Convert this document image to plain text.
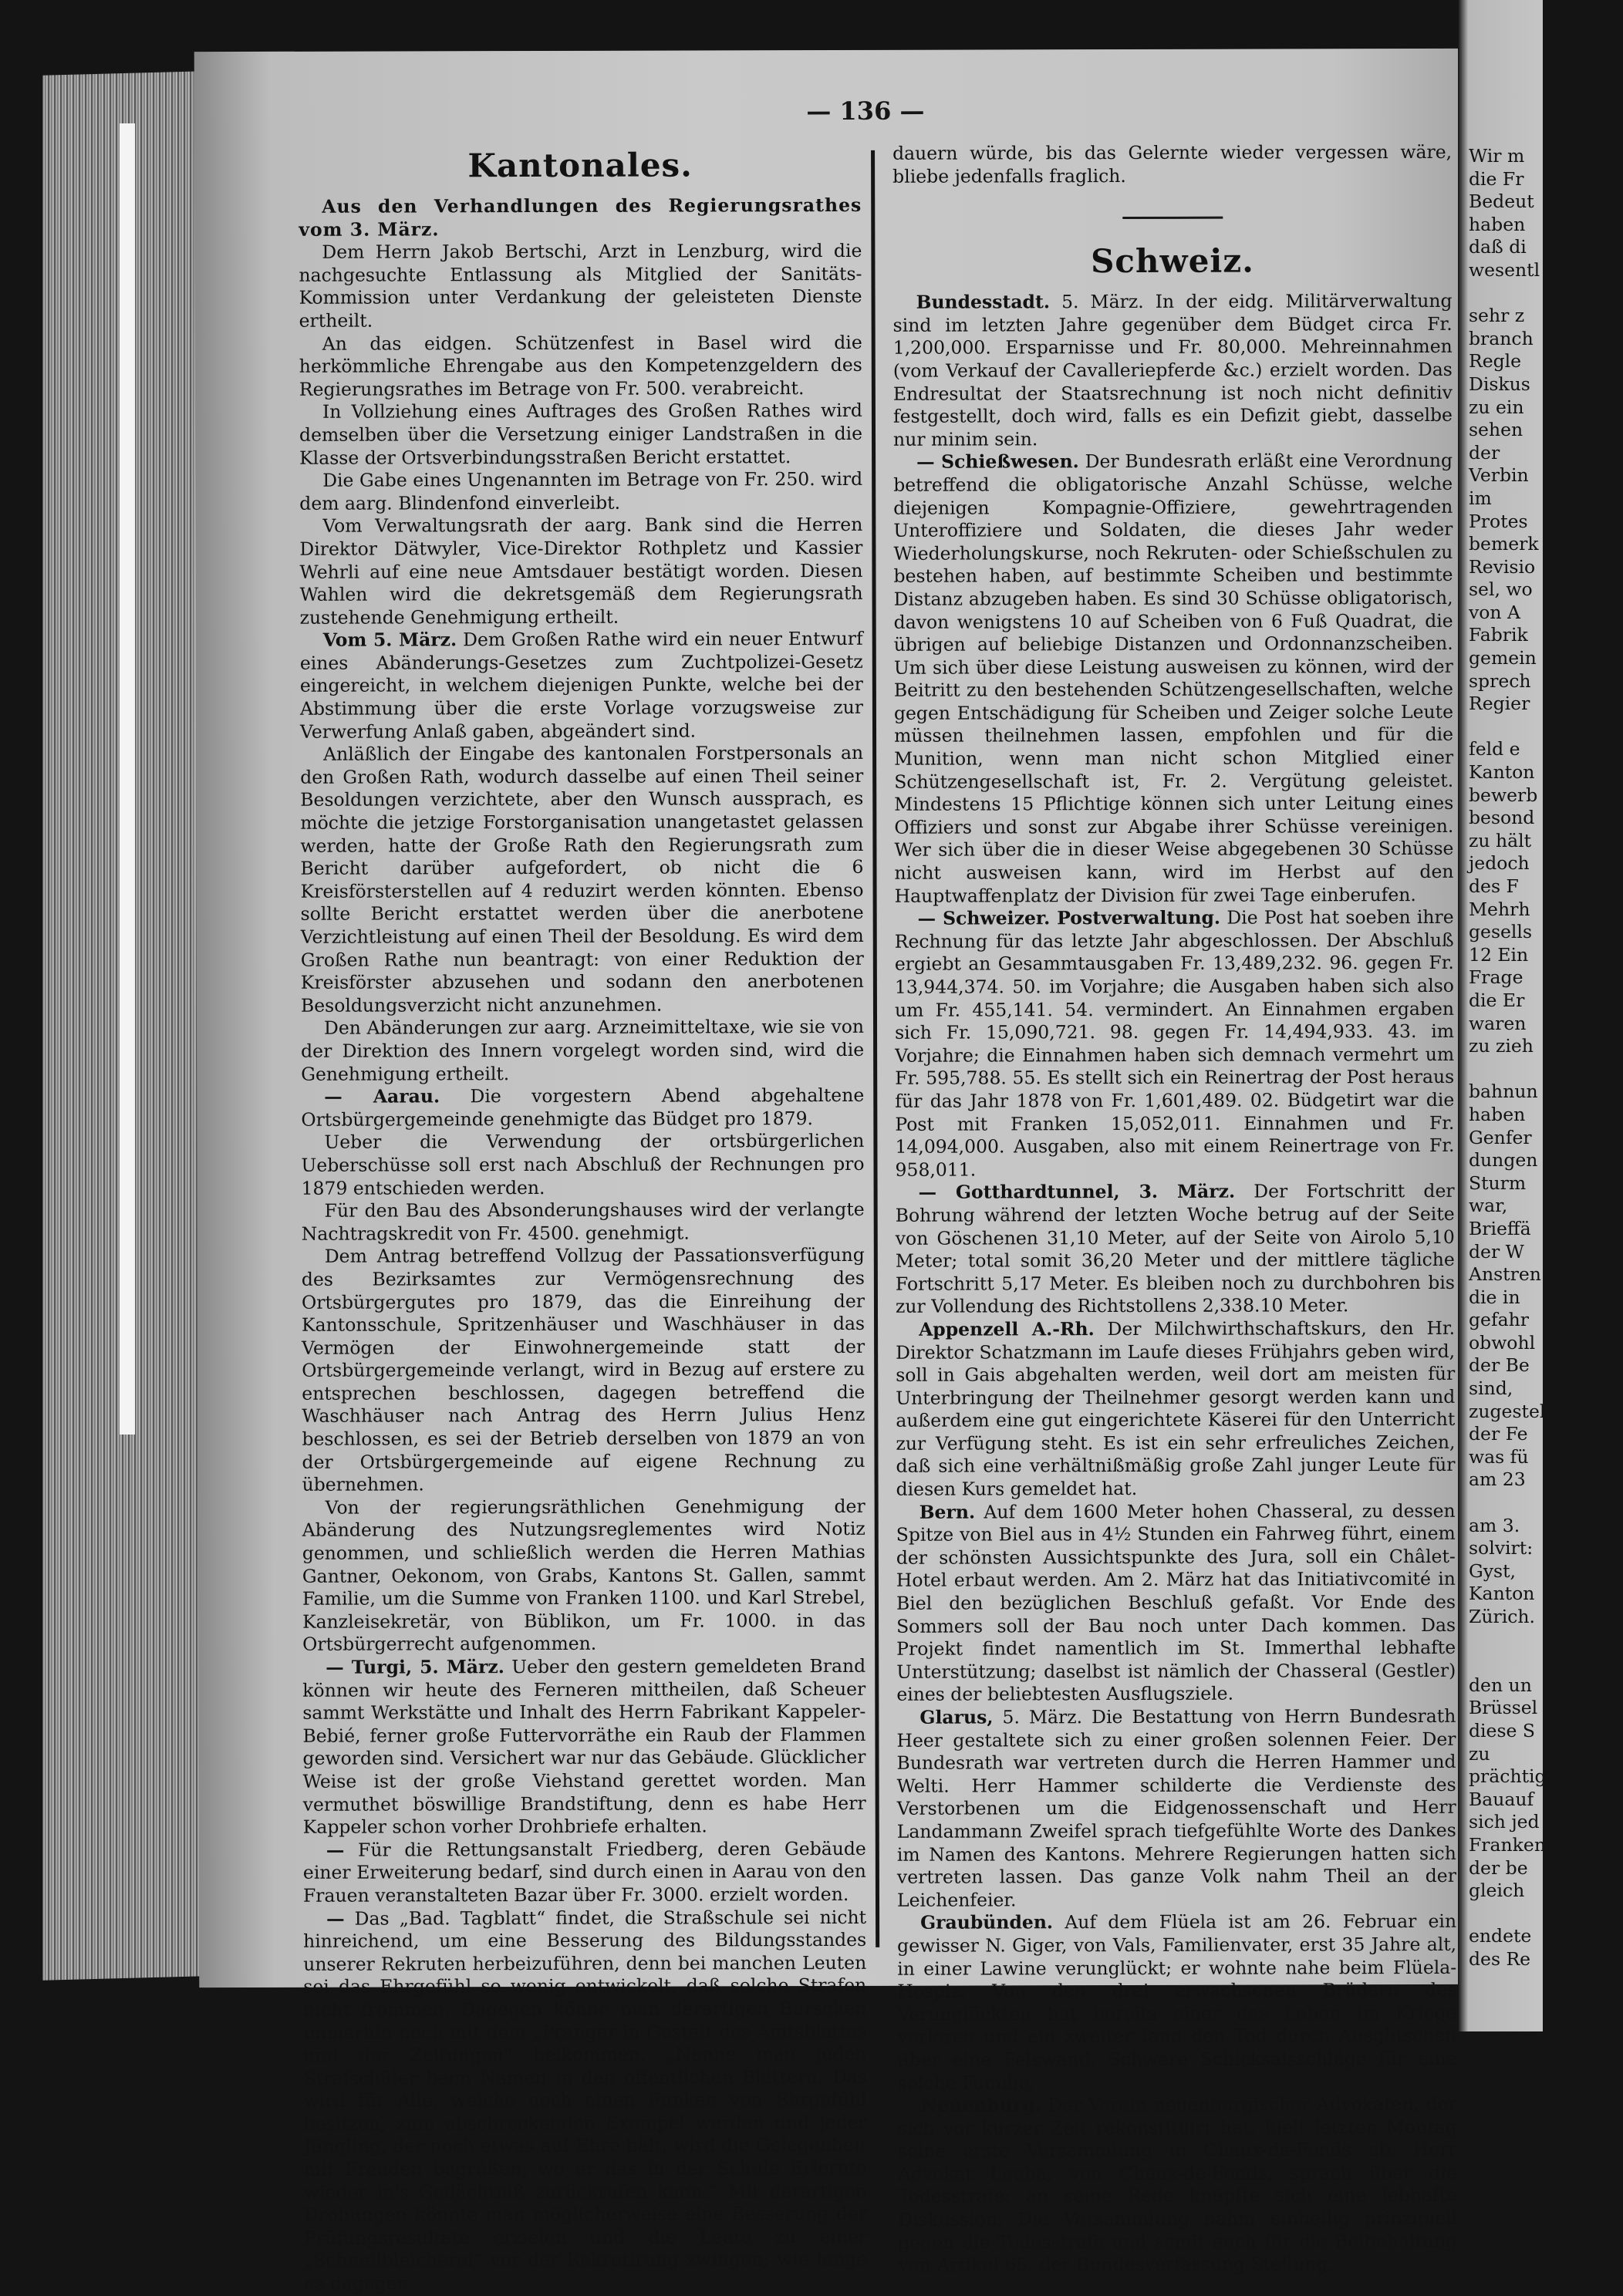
— 136 —
Kantonales.

Aus den Verhandlungen des Regierungsrathes vom 3. März.

Dem Herrn Jakob Bertschi, Arzt in Lenzburg, wird die nachgesuchte Entlassung als Mitglied der Sanitäts-Kommission unter Verdankung der geleisteten Dienste ertheilt.

An das eidgen. Schützenfest in Basel wird die herkömmliche Ehrengabe aus den Kompetenzgeldern des Regierungsrathes im Betrage von Fr. 500. verabreicht.

In Vollziehung eines Auftrages des Großen Rathes wird demselben über die Versetzung einiger Landstraßen in die Klasse der Ortsverbindungsstraßen Bericht erstattet.

Die Gabe eines Ungenannten im Betrage von Fr. 250. wird dem aarg. Blindenfond einverleibt.

Vom Verwaltungsrath der aarg. Bank sind die Herren Direktor Dätwyler, Vice-Direktor Rothpletz und Kassier Wehrli auf eine neue Amtsdauer bestätigt worden. Diesen Wahlen wird die dekretsgemäß dem Regierungsrath zustehende Genehmigung ertheilt.

Vom 5. März. Dem Großen Rathe wird ein neuer Entwurf eines Abänderungs-Gesetzes zum Zuchtpolizei-Gesetz eingereicht, in welchem diejenigen Punkte, welche bei der Abstimmung über die erste Vorlage vorzugsweise zur Verwerfung Anlaß gaben, abgeändert sind.

Anläßlich der Eingabe des kantonalen Forstpersonals an den Großen Rath, wodurch dasselbe auf einen Theil seiner Besoldungen verzichtete, aber den Wunsch aussprach, es möchte die jetzige Forstorganisation unangetastet gelassen werden, hatte der Große Rath den Regierungsrath zum Bericht darüber aufgefordert, ob nicht die 6 Kreisförsterstellen auf 4 reduzirt werden könnten. Ebenso sollte Bericht erstattet werden über die anerbotene Verzichtleistung auf einen Theil der Besoldung. Es wird dem Großen Rathe nun beantragt: von einer Reduktion der Kreisförster abzusehen und sodann den anerbotenen Besoldungsverzicht nicht anzunehmen.

Den Abänderungen zur aarg. Arzneimitteltaxe, wie sie von der Direktion des Innern vorgelegt worden sind, wird die Genehmigung ertheilt.

— Aarau. Die vorgestern Abend abgehaltene Ortsbürgergemeinde genehmigte das Büdget pro 1879.

Ueber die Verwendung der ortsbürgerlichen Ueberschüsse soll erst nach Abschluß der Rechnungen pro 1879 entschieden werden.

Für den Bau des Absonderungshauses wird der verlangte Nachtragskredit von Fr. 4500. genehmigt.

Dem Antrag betreffend Vollzug der Passationsverfügung des Bezirksamtes zur Vermögensrechnung des Ortsbürgergutes pro 1879, das die Einreihung der Kantonsschule, Spritzenhäuser und Waschhäuser in das Vermögen der Einwohnergemeinde statt der Ortsbürgergemeinde verlangt, wird in Bezug auf erstere zu entsprechen beschlossen, dagegen betreffend die Waschhäuser nach Antrag des Herrn Julius Henz beschlossen, es sei der Betrieb derselben von 1879 an von der Ortsbürgergemeinde auf eigene Rechnung zu übernehmen.

Von der regierungsräthlichen Genehmigung der Abänderung des Nutzungsreglementes wird Notiz genommen, und schließlich werden die Herren Mathias Gantner, Oekonom, von Grabs, Kantons St. Gallen, sammt Familie, um die Summe von Franken 1100. und Karl Strebel, Kanzleisekretär, von Büblikon, um Fr. 1000. in das Ortsbürgerrecht aufgenommen.

— Turgi, 5. März. Ueber den gestern gemeldeten Brand können wir heute des Ferneren mittheilen, daß Scheuer sammt Werkstätte und Inhalt des Herrn Fabrikant Kappeler-Bebié, ferner große Futtervorräthe ein Raub der Flammen geworden sind. Versichert war nur das Gebäude. Glücklicher Weise ist der große Viehstand gerettet worden. Man vermuthet böswillige Brandstiftung, denn es habe Herr Kappeler schon vorher Drohbriefe erhalten.

— Für die Rettungsanstalt Friedberg, deren Gebäude einer Erweiterung bedarf, sind durch einen in Aarau von den Frauen veranstalteten Bazar über Fr. 3000. erzielt worden.

— Das „Bad. Tagblatt“ findet, die Straßschule sei nicht hinreichend, um eine Besserung des Bildungsstandes unserer Rekruten herbeizuführen, denn bei manchen Leuten sei das Ehrgefühl so wenig entwickelt, daß solche Strafen nicht frommen. Dagegen könne man derartigen Burschen immerhin noch mit dem „Pranger in Gestalt des Amtsblattes und der Zeitungen“ beikommen. „Nenne man jeden Strafschüler beim Namen in den öffentlichen Blättern. Das wird für Alle, welche noch einen Funken von Ehrgefühl besitzen, zum abschreckenden Exempel werden und jeder Jüngling, der noch etwas auf Ehre hält, wird die Gelegenheit mit Freuden begrüßen, wo er das in der Schule Erlernte wieder in's Gedächtniß zurückrufen kann.“ Mit derartigen Drohungen könnte man möglicherweise eine Besserung der Prüfungsresultate erzielen und die Leute zu einer „Schnellbleicherei“ vor der Rekrutirung zwingen; wie lange es dagegen

dauern würde, bis das Gelernte wieder vergessen wäre, bliebe jedenfalls fraglich.

Schweiz.

Bundesstadt. 5. März. In der eidg. Militärverwaltung sind im letzten Jahre gegenüber dem Büdget circa Fr. 1,200,000. Ersparnisse und Fr. 80,000. Mehreinnahmen (vom Verkauf der Cavalleriepferde &c.) erzielt worden. Das Endresultat der Staatsrechnung ist noch nicht definitiv festgestellt, doch wird, falls es ein Defizit giebt, dasselbe nur minim sein.

— Schießwesen. Der Bundesrath erläßt eine Verordnung betreffend die obligatorische Anzahl Schüsse, welche diejenigen Kompagnie-Offiziere, gewehrtragenden Unteroffiziere und Soldaten, die dieses Jahr weder Wiederholungskurse, noch Rekruten- oder Schießschulen zu bestehen haben, auf bestimmte Scheiben und bestimmte Distanz abzugeben haben. Es sind 30 Schüsse obligatorisch, davon wenigstens 10 auf Scheiben von 6 Fuß Quadrat, die übrigen auf beliebige Distanzen und Ordonnanzscheiben. Um sich über diese Leistung ausweisen zu können, wird der Beitritt zu den bestehenden Schützengesellschaften, welche gegen Entschädigung für Scheiben und Zeiger solche Leute müssen theilnehmen lassen, empfohlen und für die Munition, wenn man nicht schon Mitglied einer Schützengesellschaft ist, Fr. 2. Vergütung geleistet. Mindestens 15 Pflichtige können sich unter Leitung eines Offiziers und sonst zur Abgabe ihrer Schüsse vereinigen. Wer sich über die in dieser Weise abgegebenen 30 Schüsse nicht ausweisen kann, wird im Herbst auf den Hauptwaffenplatz der Division für zwei Tage einberufen.

— Schweizer. Postverwaltung. Die Post hat soeben ihre Rechnung für das letzte Jahr abgeschlossen. Der Abschluß ergiebt an Gesammtausgaben Fr. 13,489,232. 96. gegen Fr. 13,944,374. 50. im Vorjahre; die Ausgaben haben sich also um Fr. 455,141. 54. vermindert. An Einnahmen ergaben sich Fr. 15,090,721. 98. gegen Fr. 14,494,933. 43. im Vorjahre; die Einnahmen haben sich demnach vermehrt um Fr. 595,788. 55. Es stellt sich ein Reinertrag der Post heraus für das Jahr 1878 von Fr. 1,601,489. 02. Büdgetirt war die Post mit Franken 15,052,011. Einnahmen und Fr. 14,094,000. Ausgaben, also mit einem Reinertrage von Fr. 958,011.

— Gotthardtunnel, 3. März. Der Fortschritt der Bohrung während der letzten Woche betrug auf der Seite von Göschenen 31,10 Meter, auf der Seite von Airolo 5,10 Meter; total somit 36,20 Meter und der mittlere tägliche Fortschritt 5,17 Meter. Es bleiben noch zu durchbohren bis zur Vollendung des Richtstollens 2,338.10 Meter.

Appenzell A.-Rh. Der Milchwirthschaftskurs, den Hr. Direktor Schatzmann im Laufe dieses Frühjahrs geben wird, soll in Gais abgehalten werden, weil dort am meisten für Unterbringung der Theilnehmer gesorgt werden kann und außerdem eine gut eingerichtete Käserei für den Unterricht zur Verfügung steht. Es ist ein sehr erfreuliches Zeichen, daß sich eine verhältnißmäßig große Zahl junger Leute für diesen Kurs gemeldet hat.

Bern. Auf dem 1600 Meter hohen Chasseral, zu dessen Spitze von Biel aus in 4½ Stunden ein Fahrweg führt, einem der schönsten Aussichtspunkte des Jura, soll ein Châlet-Hotel erbaut werden. Am 2. März hat das Initiativcomité in Biel den bezüglichen Beschluß gefaßt. Vor Ende des Sommers soll der Bau noch unter Dach kommen. Das Projekt findet namentlich im St. Immerthal lebhafte Unterstützung; daselbst ist nämlich der Chasseral (Gestler) eines der beliebtesten Ausflugsziele.

Glarus, 5. März. Die Bestattung von Herrn Bundesrath Heer gestaltete sich zu einer großen solennen Feier. Der Bundesrath war vertreten durch die Herren Hammer und Welti. Herr Hammer schilderte die Verdienste des Verstorbenen um die Eidgenossenschaft und Herr Landammann Zweifel sprach tiefgefühlte Worte des Dankes im Namen des Kantons. Mehrere Regierungen hatten sich vertreten lassen. Das ganze Volk nahm Theil an der Leichenfeier.

Graubünden. Auf dem Flüela ist am 26. Februar ein gewisser N. Giger, von Vals, Familienvater, erst 35 Jahre alt, in einer Lawine verunglückt; er wohnte nahe beim Flüela-Hospiz. Von den drei erwachsenen Brüdern des Verunglückten hat bereits einer das Leben im Kriege verloren und ein zweiter fand den Tod durch Ausglitschen über eine Felswand. Schwere Schicksalsschläge für eine solche Familie.

Neuenburg. Der Verein neuenburgischer Advokaten, der sich vor kurzer Zeit rekonstituirt hat, hielt letzten Montag seine erste Versammlung in Chaux-de-Fonds ab. Herr Advokat Leuba, von Chaux-de-Fonds, sprach über die Todesstrafe; an seine Rede knüpfte sich eine lebhafte Diskussion. Die Versammlung nahm einhellig prinzipiell gegen die Todesstrafe und somit auch für die Beibehaltung von Artikel 65. der Bundesverfassung Stellung.

Wir m
die Fr
Bedeut
haben
daß di
wesentl

sehr z
branch
Regle
Diskus
zu ein
sehen
der
Verbin
im
Protes
bemerk
Revisio
sel, wo
von A
Fabrik
gemein
sprech
Regier

feld e
Kanton
bewerb
besond
zu hält
jedoch
des F
Mehrh
gesells
12 Ein
Frage
die Er
waren
zu zieh

bahnun
haben
Genfer
dungen
Sturm
war,
Brieffä
der W
Anstren
die in
gefahr
obwohl
der Be
sind,
zugestel
der Fe
was fü
am 23

am 3.
solvirt:
Gyst,
Kanton
Zürich.

den un
Brüssel
diese S
zu
prächtig
Bauauf
sich jed
Franken
der be
gleich

endete
des Re
